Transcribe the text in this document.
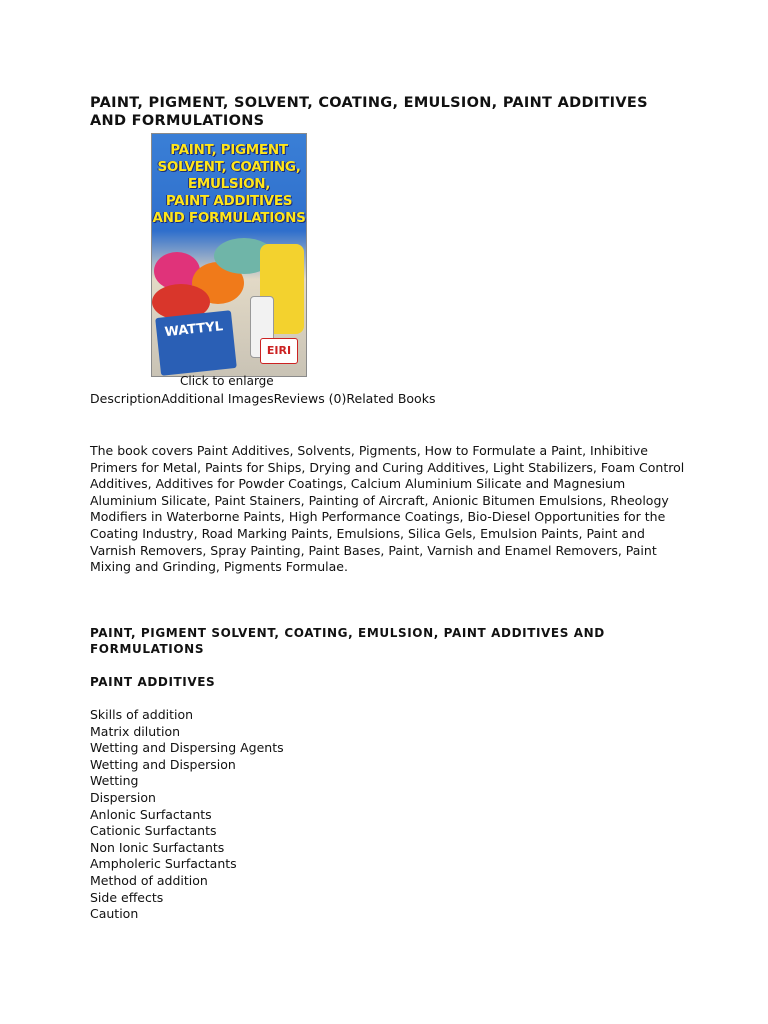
PAINT, PIGMENT, SOLVENT, COATING, EMULSION, PAINT ADDITIVES AND FORMULATIONS
PAINT, PIGMENT
SOLVENT, COATING,
EMULSION,
PAINT ADDITIVES
AND FORMULATIONS
WATTYL
EIRI
Click to enlarge
DescriptionAdditional ImagesReviews (0)Related Books

The book covers Paint Additives, Solvents, Pigments, How to Formulate a Paint, Inhibitive Primers for Metal, Paints for Ships, Drying and Curing Additives, Light Stabilizers, Foam Control Additives, Additives for Powder Coatings, Calcium Aluminium Silicate and Magnesium Aluminium Silicate, Paint Stainers, Painting of Aircraft, Anionic Bitumen Emulsions, Rheology Modifiers in Waterborne Paints, High Performance Coatings, Bio-Diesel Opportunities for the Coating Industry, Road Marking Paints, Emulsions, Silica Gels, Emulsion Paints, Paint and Varnish Removers, Spray Painting, Paint Bases, Paint, Varnish and Enamel Removers, Paint Mixing and Grinding, Pigments Formulae.

PAINT, PIGMENT SOLVENT, COATING, EMULSION, PAINT ADDITIVES AND FORMULATIONS
PAINT ADDITIVES
Skills of addition
Matrix dilution
Wetting and Dispersing Agents
Wetting and Dispersion
Wetting
Dispersion
Anlonic Surfactants
Cationic Surfactants
Non Ionic Surfactants
Ampholeric Surfactants
Method of addition
Side effects
Caution
